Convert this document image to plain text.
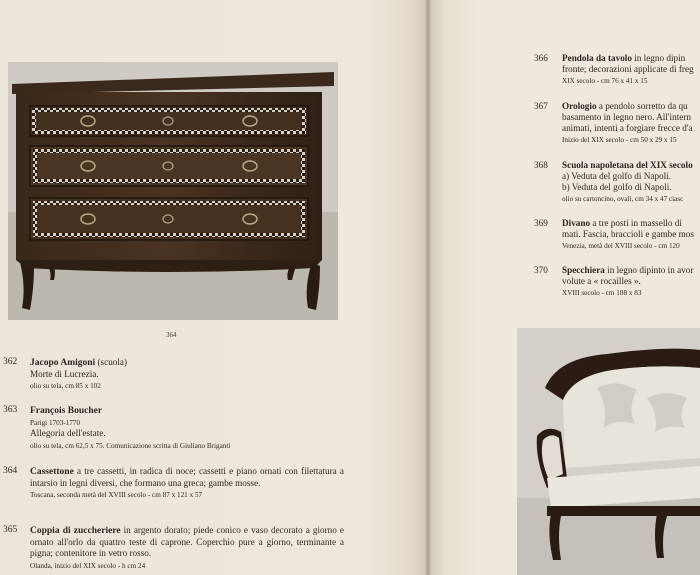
364
362 Jacopo Amigoni (scuola)
Morte di Lucrezia.
olio su tela, cm 85 x 102
363 François Boucher
Parigi 1703-1770
Allegoria dell'estate.
olio su tela, cm 62,5 x 75. Comunicazione scritta di Giuliano Briganti
364 Cassettone a tre cassetti, in radica di noce; cassetti e piano ornati con filettatura a intarsio in legni diversi, che formano una greca; gambe mosse.
Toscana, seconda metà del XVIII secolo - cm 87 x 121 x 57
365 Coppia di zuccheriere in argento dorato; piede conico e vaso decorato a giorno e ornato all'orlo da quattro teste di caprone. Coperchio pure a giorno, terminante a pigna; contenitore in vetro rosso.
Olanda, inizio del XIX secolo - h cm 24
366 Pendola da tavolo in legno dipin
fronte; decorazioni applicate di freg
XIX secolo - cm 76 x 41 x 15
367 Orologio a pendolo sorretto da qu
basamento in legno nero. All'intern
animati, intenti a forgiare frecce d'a
Inizio del XIX secolo - cm 50 x 29 x 15
368 Scuola napoletana del XIX secolo
a) Veduta del golfo di Napoli.
b) Veduta del golfo di Napoli.
olio su cartoncino, ovali, cm 34 x 47 ciasc
369 Divano a tre posti in massello di
mati. Fascia, braccioli e gambe mos
Venezia, metà del XVIII secolo - cm 120
370 Specchiera in legno dipinto in avor
volute a « rocailles ».
XVIII secolo - cm 188 x 83
